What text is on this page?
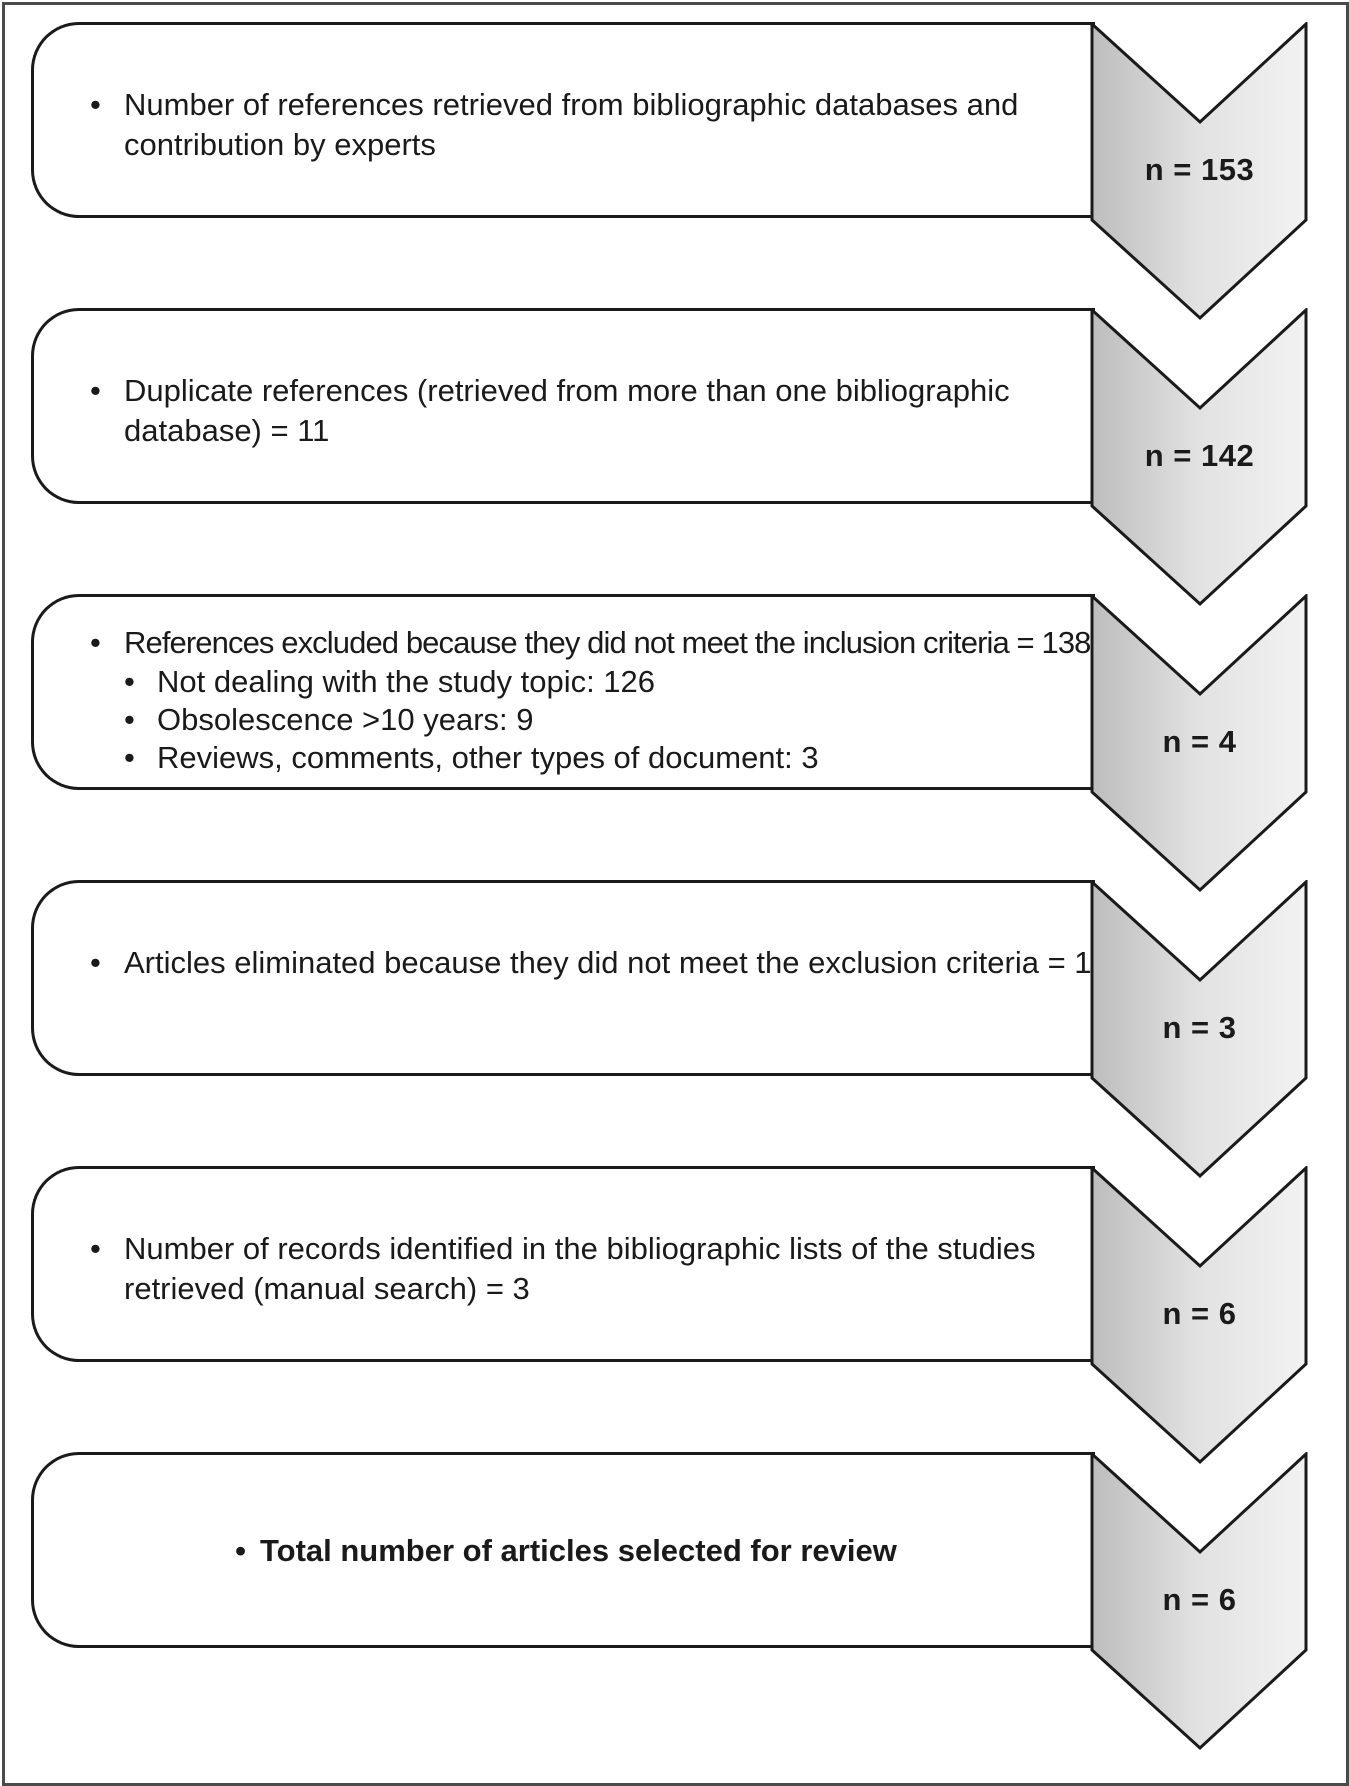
• Number of references retrieved from bibliographic databases and contribution by experts
n = 153
• Duplicate references (retrieved from more than one bibliographic database) = 11
n = 142
• References excluded because they did not meet the inclusion criteria = 138
• Not dealing with the study topic: 126
• Obsolescence >10 years: 9
• Reviews, comments, other types of document: 3	n = 4
• Articles eliminated because they did not meet the exclusion criteria = 1
n = 3
• Number of records identified in the bibliographic lists of the studies retrieved (manual search) = 3
n = 6
• Total number of articles selected for review
n = 6
